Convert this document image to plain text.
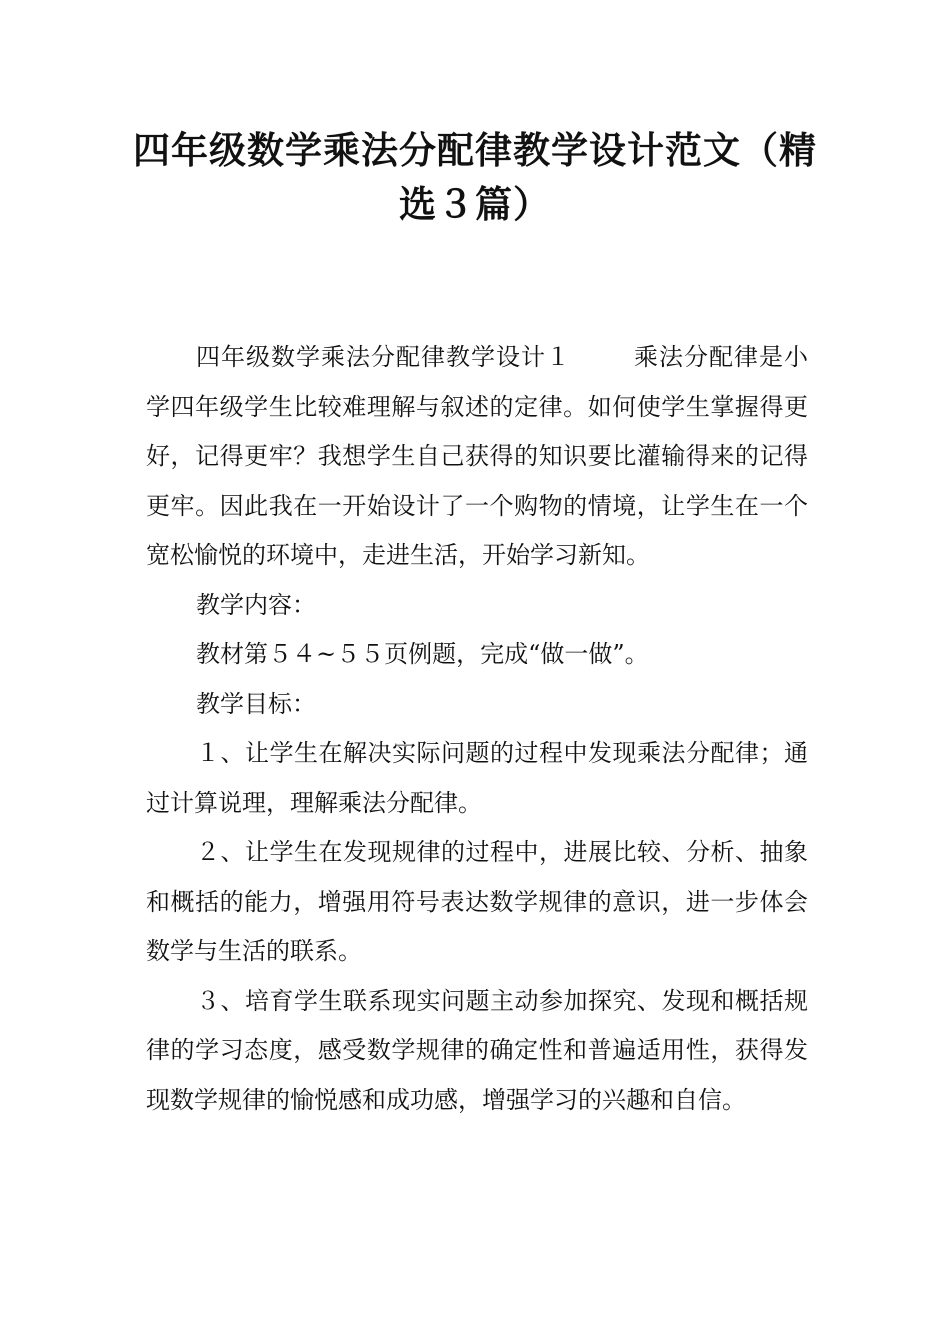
四年级数学乘法分配律教学设计范文（精
选３篇）

四年级数学乘法分配律教学设计１	乘法分配律是小学四年级学生比较难理解与叙述的定律。如何使学生掌握得更好，记得更牢？我想学生自己获得的知识要比灌输得来的记得更牢。因此我在一开始设计了一个购物的情境，让学生在一个宽松愉悦的环境中，走进生活，开始学习新知。

教学内容：

教材第５４~５５页例题，完成“做一做”。

教学目标：

１、让学生在解决实际问题的过程中发现乘法分配律；通过计算说理，理解乘法分配律。

２、让学生在发现规律的过程中，进展比较、分析、抽象和概括的能力，增强用符号表达数学规律的意识，进一步体会数学与生活的联系。

３、培育学生联系现实问题主动参加探究、发现和概括规律的学习态度，感受数学规律的确定性和普遍适用性，获得发现数学规律的愉悦感和成功感，增强学习的兴趣和自信。
